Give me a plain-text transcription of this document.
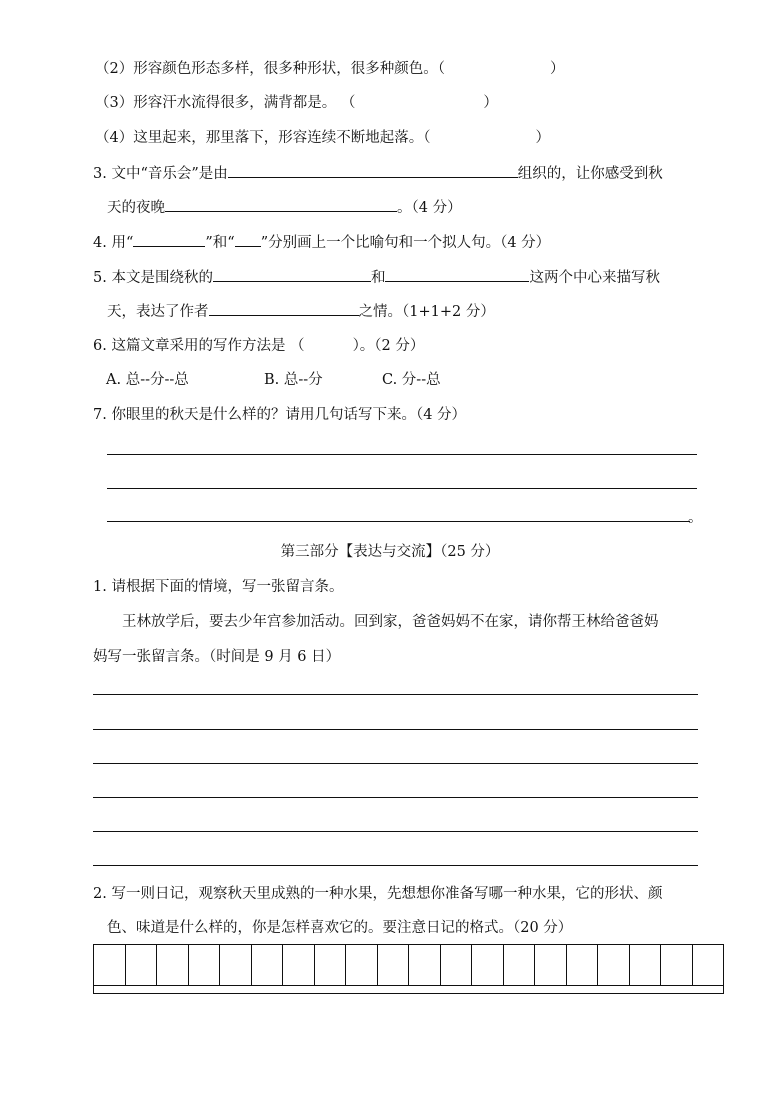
（2）形容颜色形态多样，很多种形状，很多种颜色。（	）
（3）形容汗水流得很多，满背都是。 （	）
（4）这里起来，那里落下，形容连续不断地起落。（	）
3. 文中“音乐会”是由	组织的，让你感受到秋
天的夜晚	。（4 分）
4. 用“	”和“ ”分别画上一个比喻句和一个拟人句。（4 分）
5. 本文是围绕秋的	和	这两个中心来描写秋
天，表达了作者	之情。（1+1+2 分）
6. 这篇文章采用的写作方法是 （	）。（2 分）
A. 总--分--总	B. 总--分	C. 分--总
7. 你眼里的秋天是什么样的？请用几句话写下来。（4 分）
。
第三部分【表达与交流】（25 分）
1. 请根据下面的情境，写一张留言条。
王林放学后，要去少年宫参加活动。回到家，爸爸妈妈不在家，请你帮王林给爸爸妈
妈写一张留言条。（时间是 9 月 6 日）
2. 写一则日记，观察秋天里成熟的一种水果，先想想你准备写哪一种水果，它的形状、颜
色、味道是什么样的，你是怎样喜欢它的。要注意日记的格式。（20 分）
